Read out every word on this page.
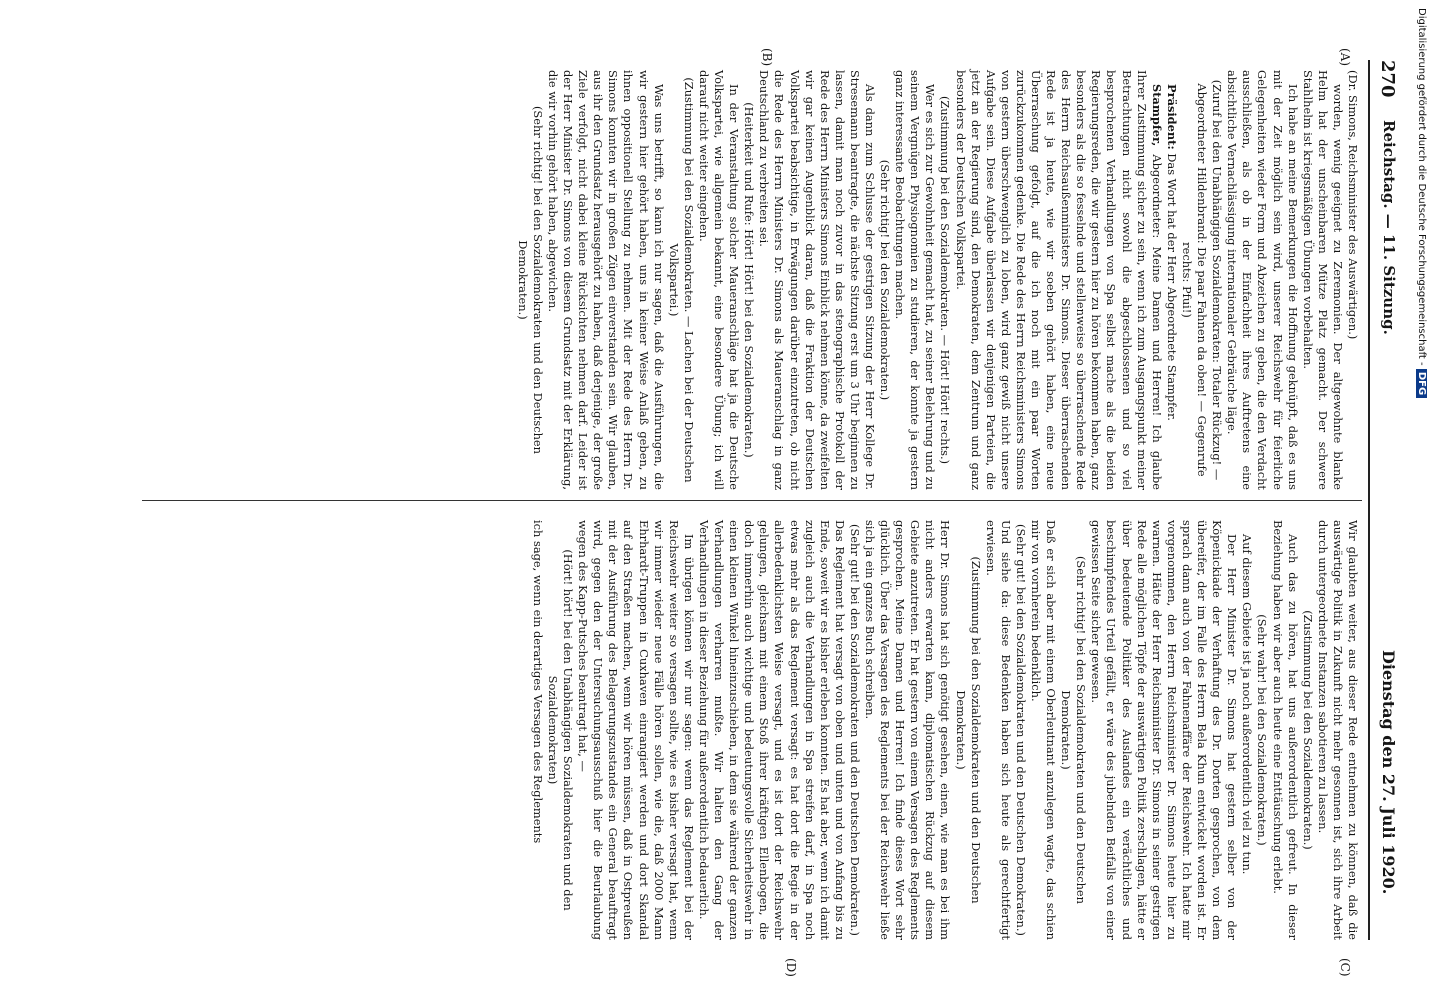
270
Reichstag. — 11. Sitzung.
Dienstag den 27. Juli 1920.
(A)
(B)
(C)
(D)

(Dr. Simons, Reichsminister des Auswärtigen.)

worden, wenig geeignet zu Zeremonien. Der altgewohnte blanke Helm hat der unscheinbaren Mütze Platz gemacht. Der schwere Stahlhelm ist kriegsmäßigen Übungen vorbehalten.

Ich habe an meine Bemerkungen die Hoffnung geknüpft, daß es uns mit der Zeit möglich sein wird, unserer Reichswehr für feierliche Gelegenheiten wieder Form und Abzeichen zu geben, die den Verdacht ausschließen, als ob in der Einfachheit ihres Auftretens eine absichtliche Vernachlässigung internationaler Gebräuche läge.

(Zuruf bei den Unabhängigen Sozialdemokraten: Totaler Rückzug! — Abgeordneter Hildenbrand: Die paar Fahnen da oben! — Gegenrufe rechts: Pfui!)

Präsident: Das Wort hat der Herr Abgeordnete Stampfer.

Stampfer, Abgeordneter: Meine Damen und Herren! Ich glaube Ihrer Zustimmung sicher zu sein, wenn ich zum Ausgangspunkt meiner Betrachtungen nicht sowohl die abgeschlossenen und so viel besprochenen Verhandlungen von Spa selbst mache als die beiden Regierungsreden, die wir gestern hier zu hören bekommen haben, ganz besonders als die so fesselnde und stellenweise so überraschende Rede des Herrn Reichsaußenministers Dr. Simons. Dieser überraschenden Rede ist ja heute, wie wir soeben gehört haben, eine neue Überraschung gefolgt, auf die ich noch mit ein paar Worten zurückzukommen gedenke. Die Rede des Herrn Reichsministers Simons von gestern überschwenglich zu loben, wird ganz gewiß nicht unsere Aufgabe sein. Diese Aufgabe überlassen wir denjenigen Parteien, die jetzt an der Regierung sind, den Demokraten, dem Zentrum und ganz besonders der Deutschen Volkspartei.

(Zustimmung bei den Sozialdemokraten. — Hört! Hört! rechts.)

Wer es sich zur Gewohnheit gemacht hat, zu seiner Belehrung und zu seinem Vergnügen Physiognomien zu studieren, der konnte ja gestern ganz interessante Beobachtungen machen.

(Sehr richtig! bei den Sozialdemokraten.)

Als dann zum Schlusse der gestrigen Sitzung der Herr Kollege Dr. Stresemann beantragte, die nächste Sitzung erst um 3 Uhr beginnen zu lassen, damit man noch zuvor in das stenographische Protokoll der Rede des Herrn Ministers Simons Einblick nehmen könne, da zweifelten wir gar keinen Augenblick daran, daß die Fraktion der Deutschen Volkspartei beabsichtige, in Erwägungen darüber einzutreten, ob nicht die Rede des Herrn Ministers Dr. Simons als Maueranschlag in ganz Deutschland zu verbreiten sei.

(Heiterkeit und Rufe: Hört! Hört! bei den Sozialdemokraten.)

In der Veranstaltung solcher Maueranschläge hat ja die Deutsche Volkspartei, wie allgemein bekannt, eine besondere Übung; ich will darauf nicht weiter eingehen.

(Zustimmung bei den Sozialdemokraten. — Lachen bei der Deutschen Volkspartei.)

Was uns betrifft, so kann ich nur sagen, daß die Ausführungen, die wir gestern hier gehört haben, uns in keiner Weise Anlaß geben, zu ihnen oppositionell Stellung zu nehmen. Mit der Rede des Herrn Dr. Simons konnten wir in großen Zügen einverstanden sein. Wir glauben, aus ihr den Grundsatz herausgehört zu haben, daß derjenige, der große Ziele verfolgt, nicht dabei kleine Rücksichten nehmen darf. Leider ist der Herr Minister Dr. Simons von diesem Grundsatz mit der Erklärung, die wir vorhin gehört haben, abgewichen.

(Sehr richtig! bei den Sozialdemokraten und den Deutschen Demokraten.)

Wir glaubten weiter, aus dieser Rede entnehmen zu können, daß die auswärtige Politik in Zukunft nicht mehr gesonnen ist, sich ihre Arbeit durch untergeordnete Instanzen sabotieren zu lassen.

(Zustimmung bei den Sozialdemokraten.)

Auch das zu hören, hat uns außerordentlich gefreut. In dieser Beziehung haben wir aber auch heute eine Enttäuschung erlebt.

(Sehr wahr! bei den Sozialdemokraten.)

Auf diesem Gebiete ist ja noch außerordentlich viel zu tun.

Der Herr Minister Dr. Simons hat gestern selber von der Köpenickiade der Verhaftung des Dr. Dorten gesprochen, von dem übereifer, der im Falle des Herrn Bela Khun entwickelt worden ist. Er sprach dann auch von der Fahnenaffäre der Reichswehr. Ich hatte mir vorgenommen, den Herrn Reichsminister Dr. Simons heute hier zu warnen. Hätte der Herr Reichsminister Dr. Simons in seiner gestrigen Rede alle möglichen Töpfe der auswärtigen Politik zerschlagen, hätte er über bedeutende Politiker des Auslandes ein verächtliches und beschimpfendes Urteil gefällt, er wäre des jubelnden Beifalls von einer gewissen Seite sicher gewesen.

(Sehr richtig! bei den Sozialdemokraten und den Deutschen Demokraten.)

Daß er sich aber mit einem Oberleutnant anzulegen wagte, das schien mir von vornherein bedenklich.

(Sehr gut! bei den Sozialdemokraten und den Deutschen Demokraten.)

Und siehe da: diese Bedenken haben sich heute als gerechtfertigt erwiesen.

(Zustimmung bei den Sozialdemokraten und den Deutschen Demokraten.)

Herr Dr. Simons hat sich genötigt gesehen, einen, wie man es bei ihm nicht anders erwarten kann, diplomatischen Rückzug auf diesem Gebiete anzutreten. Er hat gestern von einem Versagen des Reglements gesprochen. Meine Damen und Herren! Ich finde dieses Wort sehr glücklich. Über das Versagen des Reglements bei der Reichswehr ließe sich ja ein ganzes Buch schreiben.

(Sehr gut! bei den Sozialdemokraten und den Deutschen Demokraten.)

Das Reglement hat versagt von oben und unten und von Anfang bis zu Ende, soweit wir es bisher erleben konnten. Es hat aber, wenn ich damit zugleich auch die Verhandlungen in Spa streifen darf, in Spa noch etwas mehr als das Reglement versagt: es hat dort die Regie in der allerbedenklichsten Weise versagt, und es ist dort der Reichswehr gelungen, gleichsam mit einem Stoß ihrer kräftigen Ellenbogen, die doch immerhin auch wichtige und bedeutungsvolle Sicherheitswehr in einen kleinen Winkel hineinzuschieben, in dem sie während der ganzen Verhandlungen verharren mußte. Wir halten den Gang der Verhandlungen in dieser Beziehung für außerordentlich bedauerlich.

Im übrigen können wir nur sagen: wenn das Reglement bei der Reichswehr weiter so versagen sollte, wie es bisher versagt hat, wenn wir immer wieder neue Fälle hören sollen, wie die, daß 2000 Mann Ehrhardt-Truppen in Cuxhaven einrangiert werden und dort Skandal auf den Straßen machen, wenn wir hören müssen, daß in Ostpreußen mit der Ausführung des Belagerungszustandes ein General beauftragt wird, gegen den der Untersuchungsausschuß hier die Beurlaubung wegen des Kapp-Putsches beantragt hat, —

(Hört! hört! bei den Unabhängigen Sozialdemokraten und den Sozialdemokraten)

ich sage, wenn ein derartiges Versagen des Reglements

Digitalisierung gefördert durch die Deutsche Forschungsgemeinschaft - DFG
